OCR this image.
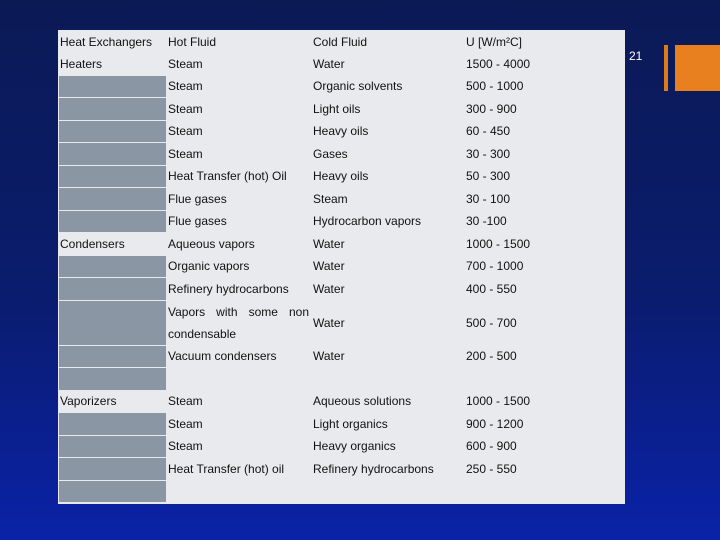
Heat Exchangers	Hot Fluid	Cold Fluid	U [W/m²C]
Heaters	Steam	Water	1500 - 4000
	Steam	Organic solvents	500 - 1000
	Steam	Light oils	300 - 900
	Steam	Heavy oils	60 - 450
	Steam	Gases	30 - 300
	Heat Transfer (hot) Oil	Heavy oils	50 - 300
	Flue gases	Steam	30 - 100
	Flue gases	Hydrocarbon vapors	30 -100
Condensers	Aqueous vapors	Water	1000 - 1500
	Organic vapors	Water	700 - 1000
	Refinery hydrocarbons	Water	400 - 550
	Vapors with some non condensable	Water	500 - 700
	Vacuum condensers	Water	200 - 500

Vaporizers	Steam	Aqueous solutions	1000 - 1500
	Steam	Light organics	900 - 1200
	Steam	Heavy organics	600 - 900
	Heat Transfer (hot) oil	Refinery hydrocarbons	250 - 550

21
